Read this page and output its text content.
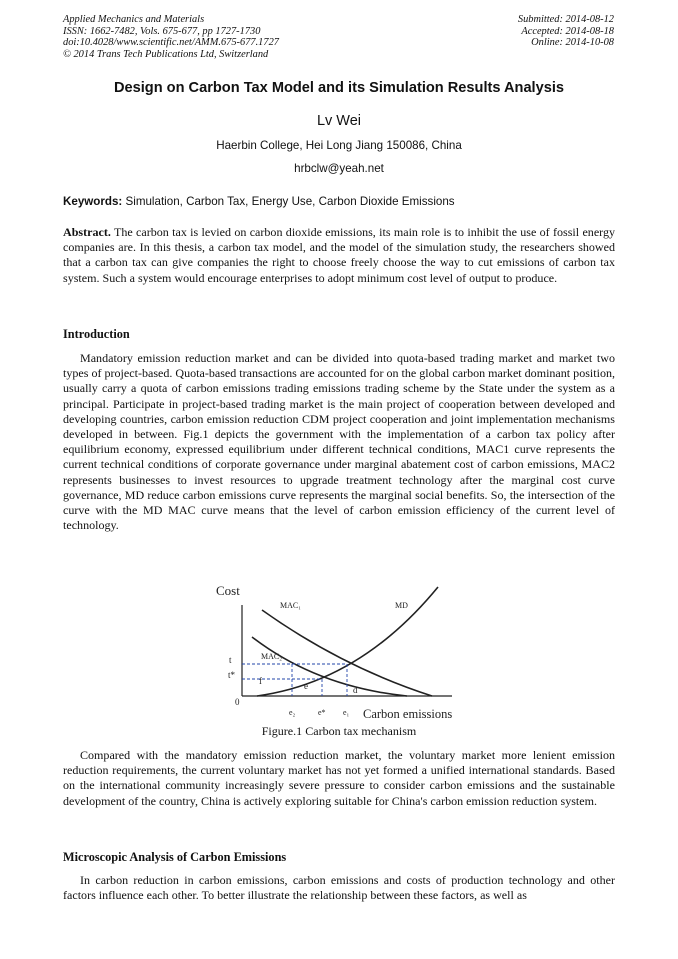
Applied Mechanics and Materials
ISSN: 1662-7482, Vols. 675-677, pp 1727-1730
doi:10.4028/www.scientific.net/AMM.675-677.1727
© 2014 Trans Tech Publications Ltd, Switzerland
Submitted: 2014-08-12
Accepted: 2014-08-18
Online: 2014-10-08
Design on Carbon Tax Model and its Simulation Results Analysis
Lv Wei
Haerbin College, Hei Long Jiang 150086, China
hrbclw@yeah.net
Keywords: Simulation, Carbon Tax, Energy Use, Carbon Dioxide Emissions

Abstract. The carbon tax is levied on carbon dioxide emissions, its main role is to inhibit the use of fossil energy companies are. In this thesis, a carbon tax model, and the model of the simulation study, the researchers showed that a carbon tax can give companies the right to choose freely choose the way to cut emissions of carbon tax system. Such a system would encourage enterprises to adopt minimum cost level of output to produce.

Introduction

Mandatory emission reduction market and can be divided into quota-based trading market and market two types of project-based. Quota-based transactions are accounted for on the global carbon market dominant position, usually carry a quota of carbon emissions trading emissions trading scheme by the State under the system as a principal. Participate in project-based trading market is the main project of cooperation between developed and developing countries, carbon emission reduction CDM project cooperation and joint implementation mechanisms developed in between. Fig.1 depicts the government with the implementation of a carbon tax policy after equilibrium economy, expressed equilibrium under different technical conditions, MAC1 curve represents the current technical conditions of corporate governance under marginal abatement cost of carbon emissions, MAC2 represents businesses to invest resources to upgrade treatment technology after the marginal cost curve governance, MD reduce carbon emissions curve represents the marginal social benefits. So, the intersection of the curve with the MD MAC curve means that the level of carbon emission efficiency of the current level of technology.

Cost
MAC₁	MD
MAC₂
t
t*
0
f	e	d
e₂	e* e₁ Carbon emissions
Figure.1 Carbon tax mechanism

Compared with the mandatory emission reduction market, the voluntary market more lenient emission reduction requirements, the current voluntary market has not yet formed a unified international standards. Based on the international community increasingly severe pressure to consider carbon emissions and the sustainable development of the country, China is actively exploring suitable for China's carbon emission reduction system.

Microscopic Analysis of Carbon Emissions

In carbon reduction in carbon emissions, carbon emissions and costs of production technology and other factors influence each other. To better illustrate the relationship between these factors, as well as
